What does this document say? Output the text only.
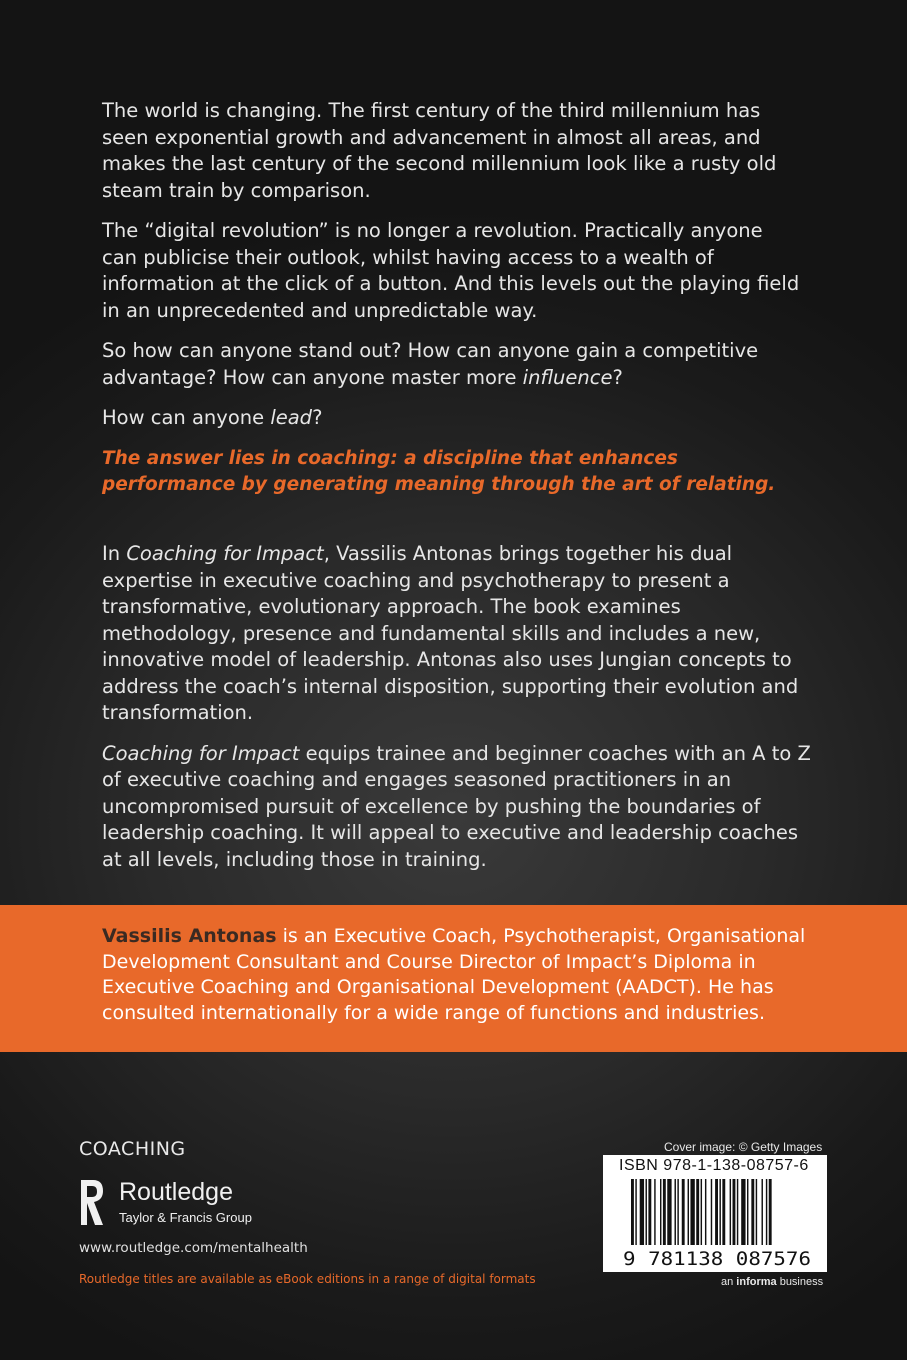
The world is changing. The first century of the third millennium has seen exponential growth and advancement in almost all areas, and makes the last century of the second millennium look like a rusty old steam train by comparison.

The “digital revolution” is no longer a revolution. Practically anyone can publicise their outlook, whilst having access to a wealth of information at the click of a button. And this levels out the playing field in an unprecedented and unpredictable way.

So how can anyone stand out? How can anyone gain a competitive advantage? How can anyone master more influence?

How can anyone lead?

The answer lies in coaching: a discipline that enhances performance by generating meaning through the art of relating.

In Coaching for Impact, Vassilis Antonas brings together his dual expertise in executive coaching and psychotherapy to present a transformative, evolutionary approach. The book examines methodology, presence and fundamental skills and includes a new, innovative model of leadership. Antonas also uses Jungian concepts to address the coach’s internal disposition, supporting their evolution and transformation.

Coaching for Impact equips trainee and beginner coaches with an A to Z of executive coaching and engages seasoned practitioners in an uncompromised pursuit of excellence by pushing the boundaries of leadership coaching. It will appeal to executive and leadership coaches at all levels, including those in training.

Vassilis Antonas is an Executive Coach, Psychotherapist, Organisational Development Consultant and Course Director of Impact’s Diploma in Executive Coaching and Organisational Development (AADCT). He has consulted internationally for a wide range of functions and industries.
COACHING
Routledge
Taylor & Francis Group
www.routledge.com/mentalhealth
Routledge titles are available as eBook editions in a range of digital formats
Cover image: © Getty Images
ISBN 978-1-138-08757-6
9 781138 087576
an informa business
